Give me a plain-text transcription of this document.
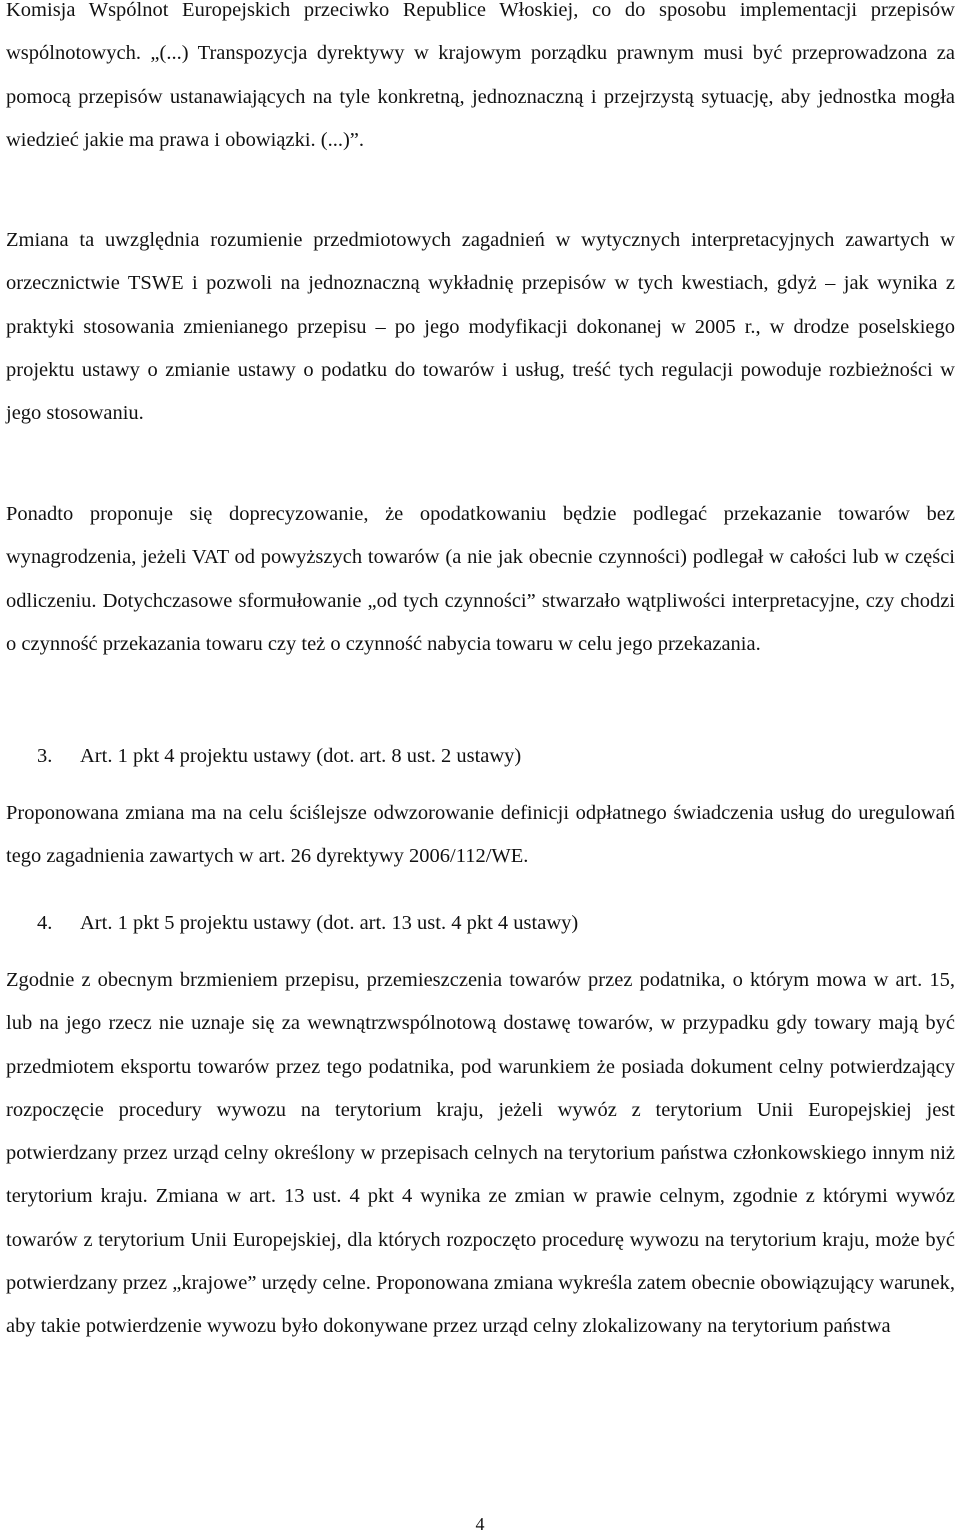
Komisja Wspólnot Europejskich przeciwko Republice Włoskiej, co do sposobu implementacji przepisów wspólnotowych. „(...) Transpozycja dyrektywy w krajowym porządku prawnym musi być przeprowadzona za pomocą przepisów ustanawiających na tyle konkretną, jednoznaczną i przejrzystą sytuację, aby jednostka mogła wiedzieć jakie ma prawa i obowiązki. (...)”.

Zmiana ta uwzględnia rozumienie przedmiotowych zagadnień w wytycznych interpretacyjnych zawartych w orzecznictwie TSWE i pozwoli na jednoznaczną wykładnię przepisów w tych kwestiach, gdyż – jak wynika z praktyki stosowania zmienianego przepisu – po jego modyfikacji dokonanej w 2005 r., w drodze poselskiego projektu ustawy o zmianie ustawy o podatku do towarów i usług, treść tych regulacji powoduje rozbieżności w jego stosowaniu.

Ponadto proponuje się doprecyzowanie, że opodatkowaniu będzie podlegać przekazanie towarów bez wynagrodzenia, jeżeli VAT od powyższych towarów (a nie jak obecnie czynności) podlegał w całości lub w części odliczeniu. Dotychczasowe sformułowanie „od tych czynności” stwarzało wątpliwości interpretacyjne, czy chodzi o czynność przekazania towaru czy też o czynność nabycia towaru w celu jego przekazania.

3. Art. 1 pkt 4 projektu ustawy (dot. art. 8 ust. 2 ustawy)

Proponowana zmiana ma na celu ściślejsze odwzorowanie definicji odpłatnego świadczenia usług do uregulowań tego zagadnienia zawartych w art. 26 dyrektywy 2006/112/WE.

4. Art. 1 pkt 5 projektu ustawy (dot. art. 13 ust. 4 pkt 4 ustawy)

Zgodnie z obecnym brzmieniem przepisu, przemieszczenia towarów przez podatnika, o którym mowa w art. 15, lub na jego rzecz nie uznaje się za wewnątrzwspólnotową dostawę towarów, w przypadku gdy towary mają być przedmiotem eksportu towarów przez tego podatnika, pod warunkiem że posiada dokument celny potwierdzający rozpoczęcie procedury wywozu na terytorium kraju, jeżeli wywóz z terytorium Unii Europejskiej jest potwierdzany przez urząd celny określony w przepisach celnych na terytorium państwa członkowskiego innym niż terytorium kraju. Zmiana w art. 13 ust. 4 pkt 4 wynika ze zmian w prawie celnym, zgodnie z którymi wywóz towarów z terytorium Unii Europejskiej, dla których rozpoczęto procedurę wywozu na terytorium kraju, może być potwierdzany przez „krajowe” urzędy celne. Proponowana zmiana wykreśla zatem obecnie obowiązujący warunek, aby takie potwierdzenie wywozu było dokonywane przez urząd celny zlokalizowany na terytorium państwa

4
